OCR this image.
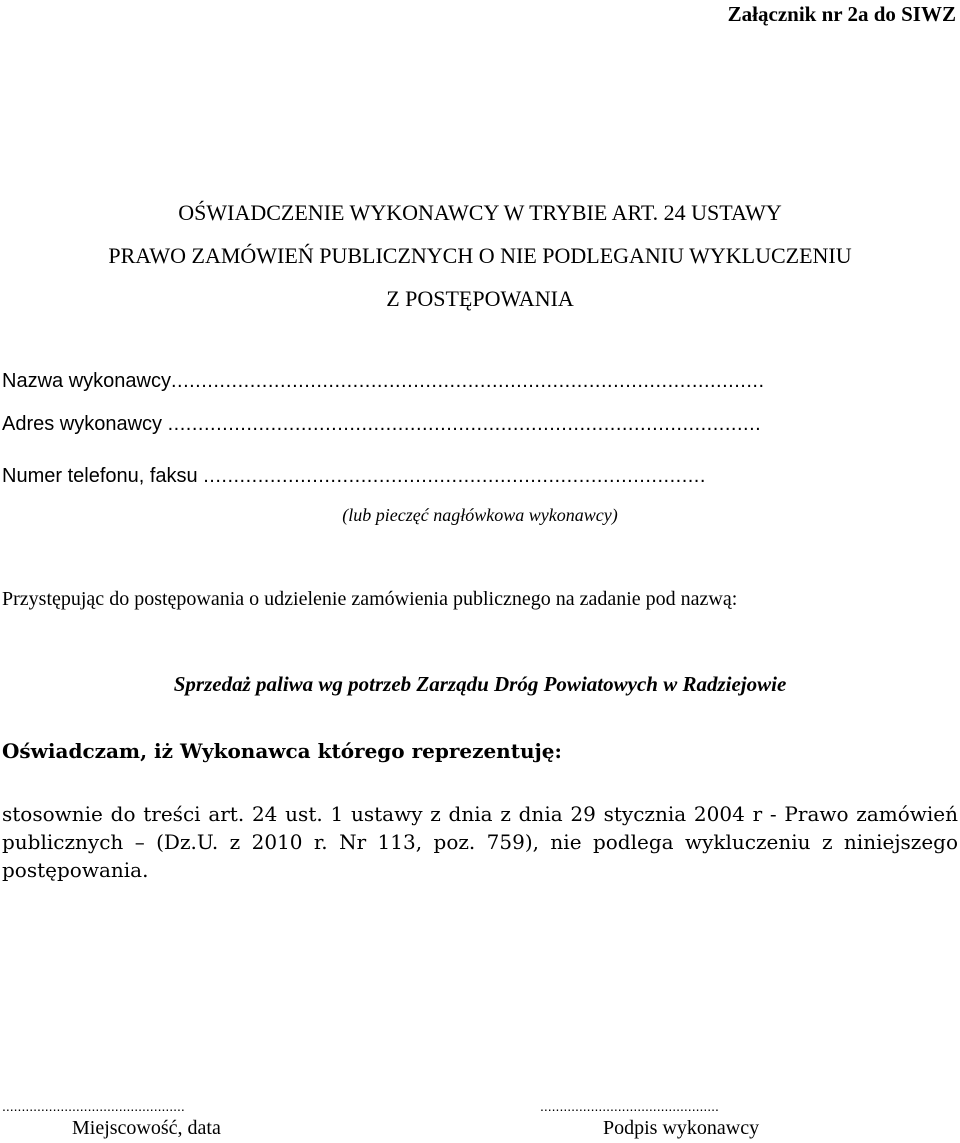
Załącznik nr 2a do SIWZ

OŚWIADCZENIE WYKONAWCY W TRYBIE ART. 24 USTAWY

PRAWO ZAMÓWIEŃ PUBLICZNYCH O NIE PODLEGANIU WYKLUCZENIU

Z POSTĘPOWANIA

Nazwa wykonawcy..................................................................................................
Adres wykonawcy ..................................................................................................
Numer telefonu, faksu ...................................................................................

(lub pieczęć nagłówkowa wykonawcy)

Przystępując do postępowania o udzielenie zamówienia publicznego na zadanie pod nazwą:

Sprzedaż paliwa wg potrzeb Zarządu Dróg Powiatowych w Radziejowie

Oświadczam, iż Wykonawca którego reprezentuję:

stosownie do treści art. 24 ust. 1 ustawy z dnia z dnia 29 stycznia 2004 r - Prawo zamówień publicznych – (Dz.U. z 2010 r. Nr 113, poz. 759), nie podlega wykluczeniu z niniejszego postępowania.

...............................................
Miejscowość, data
..............................................
Podpis wykonawcy
